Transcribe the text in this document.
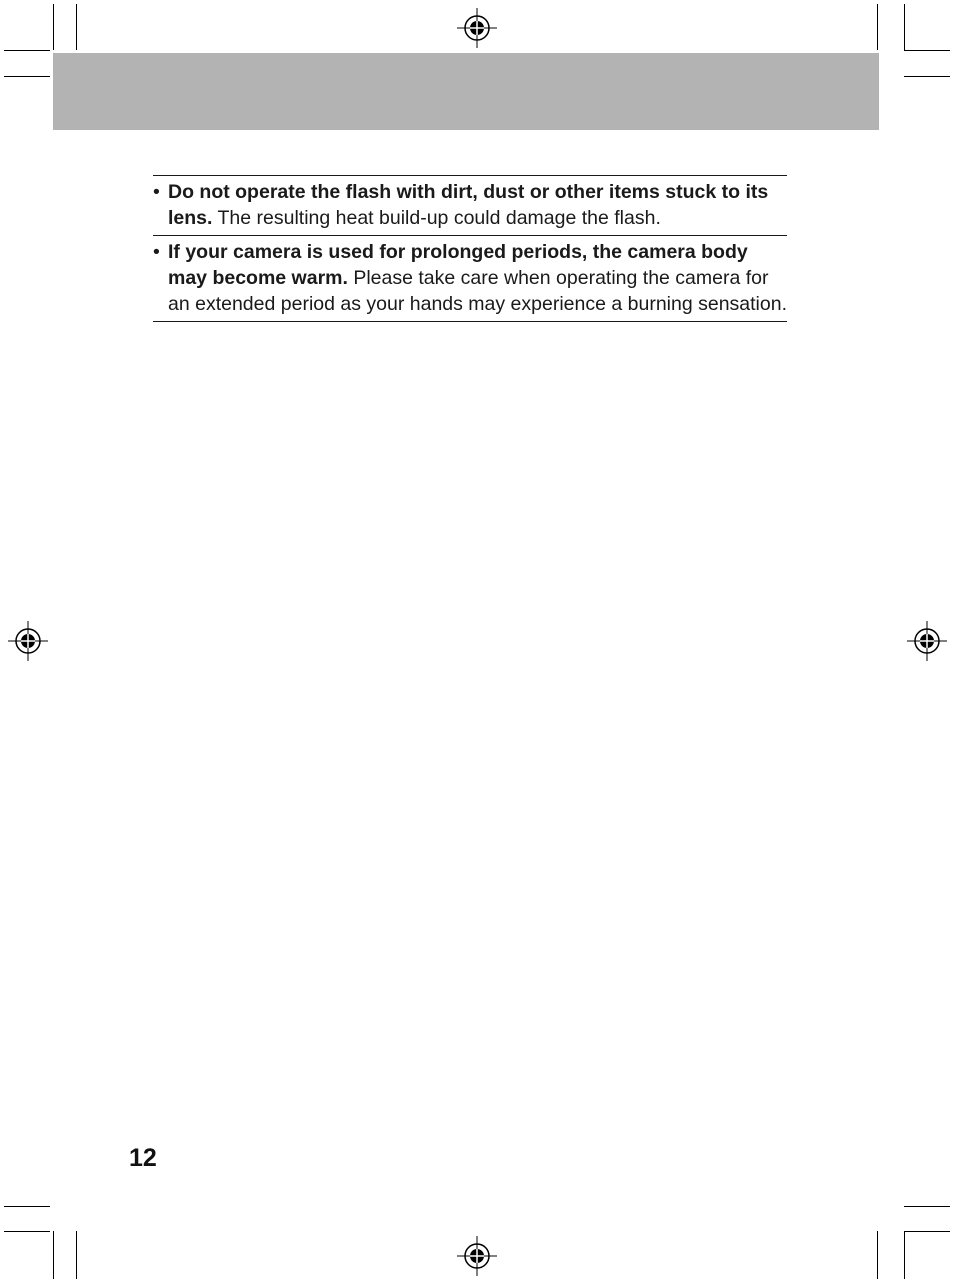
• Do not operate the flash with dirt, dust or other items stuck to its lens. The resulting heat build-up could damage the flash.
• If your camera is used for prolonged periods, the camera body may become warm. Please take care when operating the camera for an extended period as your hands may experience a burning sensation.
12
